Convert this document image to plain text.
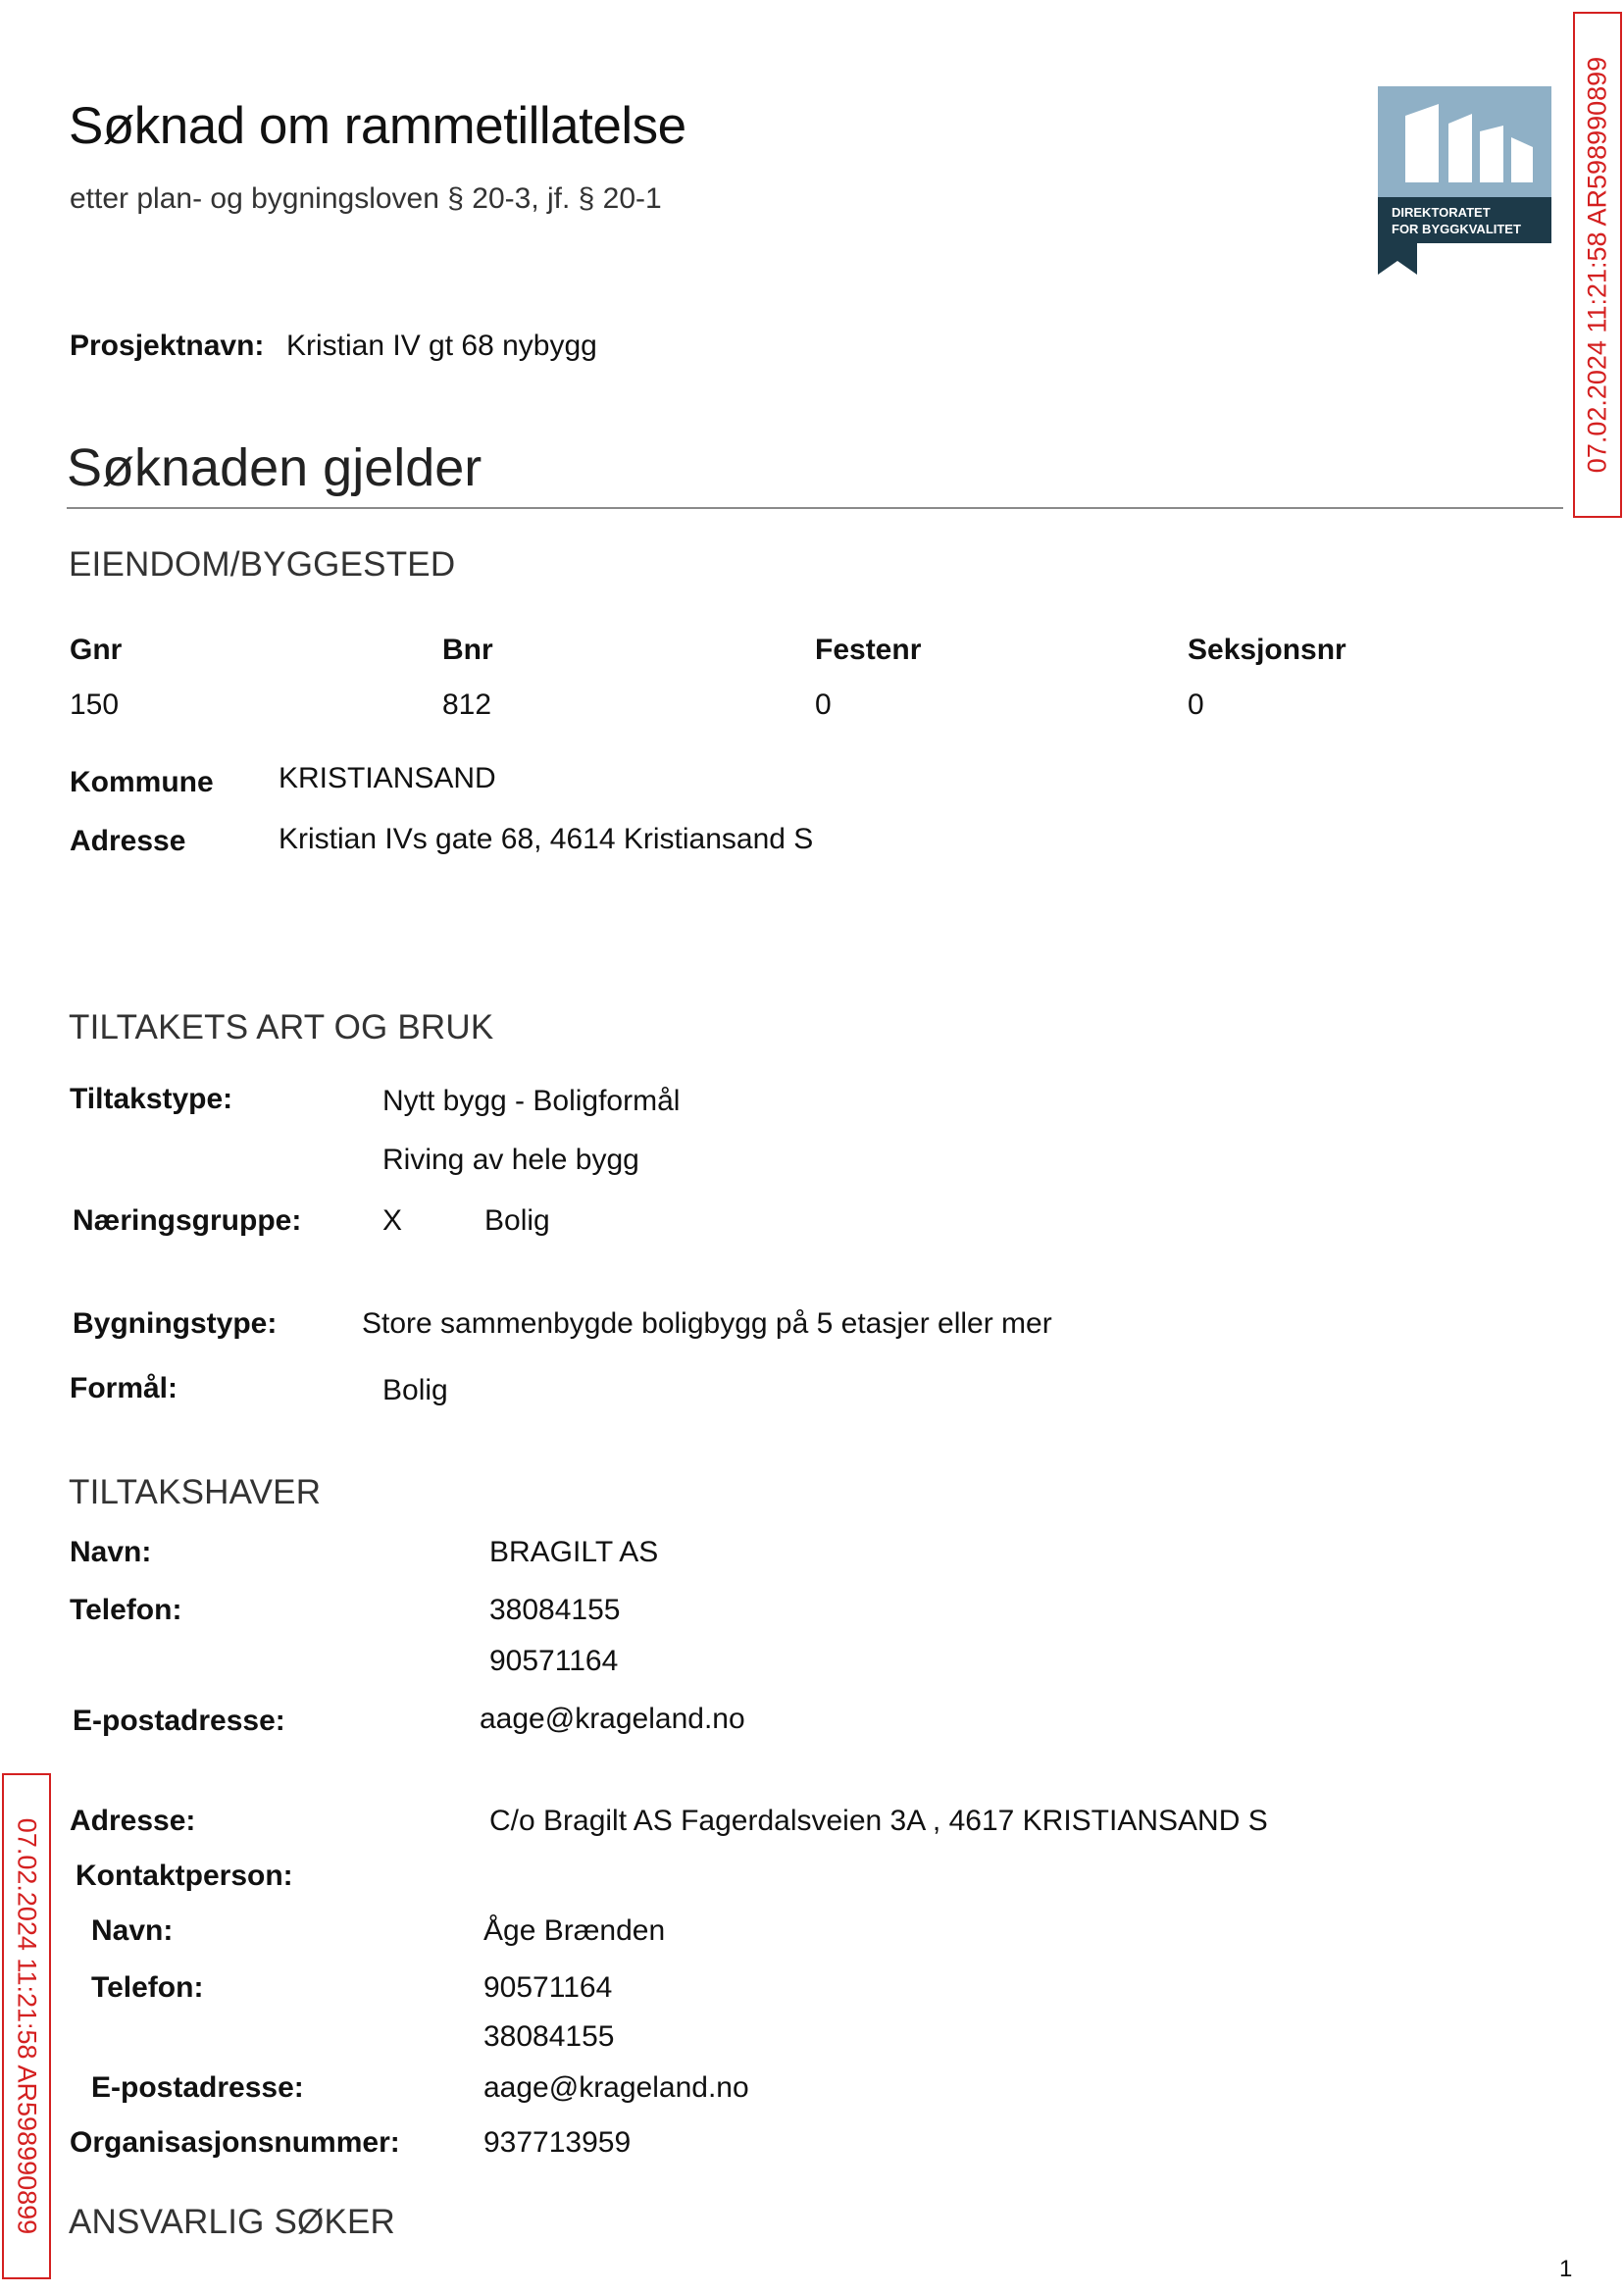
Søknad om rammetillatelse
etter plan- og bygningsloven § 20-3, jf. § 20-1	DIREKTORATET
FOR BYGGKVALITET 07.02.2024 11:21:58 AR598990899
07.02.2024 11:21:58 AR598990899
Prosjektnavn: Kristian IV gt 68 nybygg
Søknaden gjelder
EIENDOM/BYGGESTED
Gnr	Bnr	Festenr	Seksjonsnr
150	812	0	0
Kommune KRISTIANSAND
Adresse	Kristian IVs gate 68, 4614 Kristiansand S
TILTAKETS ART OG BRUK
Tiltakstype:	Nytt bygg - Boligformål
Riving av hele bygg
Næringsgruppe:	X	Bolig
Bygningstype:	Store sammenbygde boligbygg på 5 etasjer eller mer
Formål:	Bolig
TILTAKSHAVER
Navn:	BRAGILT AS
Telefon:	38084155
90571164
E-postadresse:	aage@krageland.no
Adresse:	C/o Bragilt AS Fagerdalsveien 3A , 4617 KRISTIANSAND S
Kontaktperson:
Navn:	Åge Brænden
Telefon:	90571164
38084155
E-postadresse:	aage@krageland.no
Organisasjonsnummer:	937713959
ANSVARLIG SØKER
1
